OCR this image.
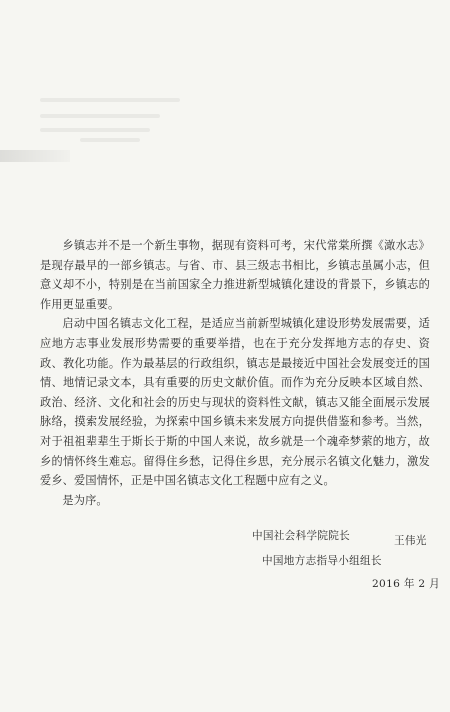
乡镇志并不是一个新生事物，据现有资料可考，宋代常棠所撰《澉水志》是现存最早的一部乡镇志。与省、市、县三级志书相比，乡镇志虽属小志，但意义却不小，特别是在当前国家全力推进新型城镇化建设的背景下，乡镇志的作用更显重要。

启动中国名镇志文化工程，是适应当前新型城镇化建设形势发展需要，适应地方志事业发展形势需要的重要举措，也在于充分发挥地方志的存史、资政、教化功能。作为最基层的行政组织，镇志是最接近中国社会发展变迁的国情、地情记录文本，具有重要的历史文献价值。而作为充分反映本区域自然、政治、经济、文化和社会的历史与现状的资料性文献，镇志又能全面展示发展脉络，摸索发展经验，为探索中国乡镇未来发展方向提供借鉴和参考。当然，对于祖祖辈辈生于斯长于斯的中国人来说，故乡就是一个魂牵梦萦的地方，故乡的情怀终生难忘。留得住乡愁，记得住乡思，充分展示名镇文化魅力，激发爱乡、爱国情怀，正是中国名镇志文化工程题中应有之义。

是为序。

中国社会科学院院长	王伟光
中国地方志指导小组组长
2016 年 2 月
